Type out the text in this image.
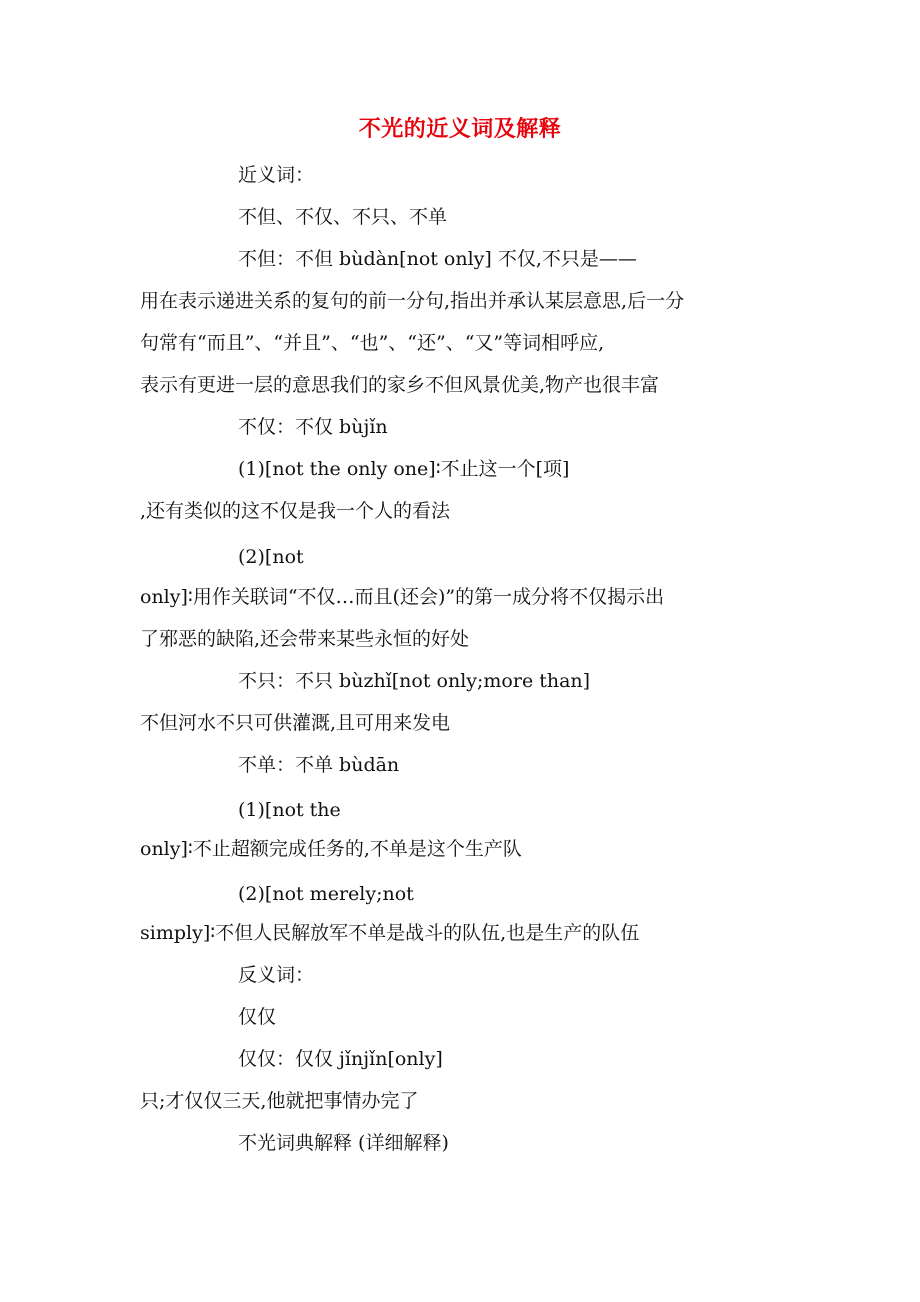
不光的近义词及解释
近义词：
不但、不仅、不只、不单
不但：不但 bùdàn[not only] 不仅,不只是——
用在表示递进关系的复句的前一分句,指出并承认某层意思,后一分
句常有“而且”、“并且”、“也”、“还”、“又”等词相呼应,
表示有更进一层的意思我们的家乡不但风景优美,物产也很丰富
不仅：不仅 bùjǐn
(1)[not the only one]∶不止这一个[项]
,还有类似的这不仅是我一个人的看法
(2)[not
only]∶用作关联词“不仅…而且(还会)”的第一成分将不仅揭示出
了邪恶的缺陷,还会带来某些永恒的好处
不只：不只 bùzhǐ[not only;more than]
不但河水不只可供灌溉,且可用来发电
不单：不单 bùdān
(1)[not the
only]∶不止超额完成任务的,不单是这个生产队
(2)[not merely;not
simply]∶不但人民解放军不单是战斗的队伍,也是生产的队伍
反义词：
仅仅
仅仅：仅仅 jǐnjǐn[only]
只;才仅仅三天,他就把事情办完了
不光词典解释 (详细解释)
